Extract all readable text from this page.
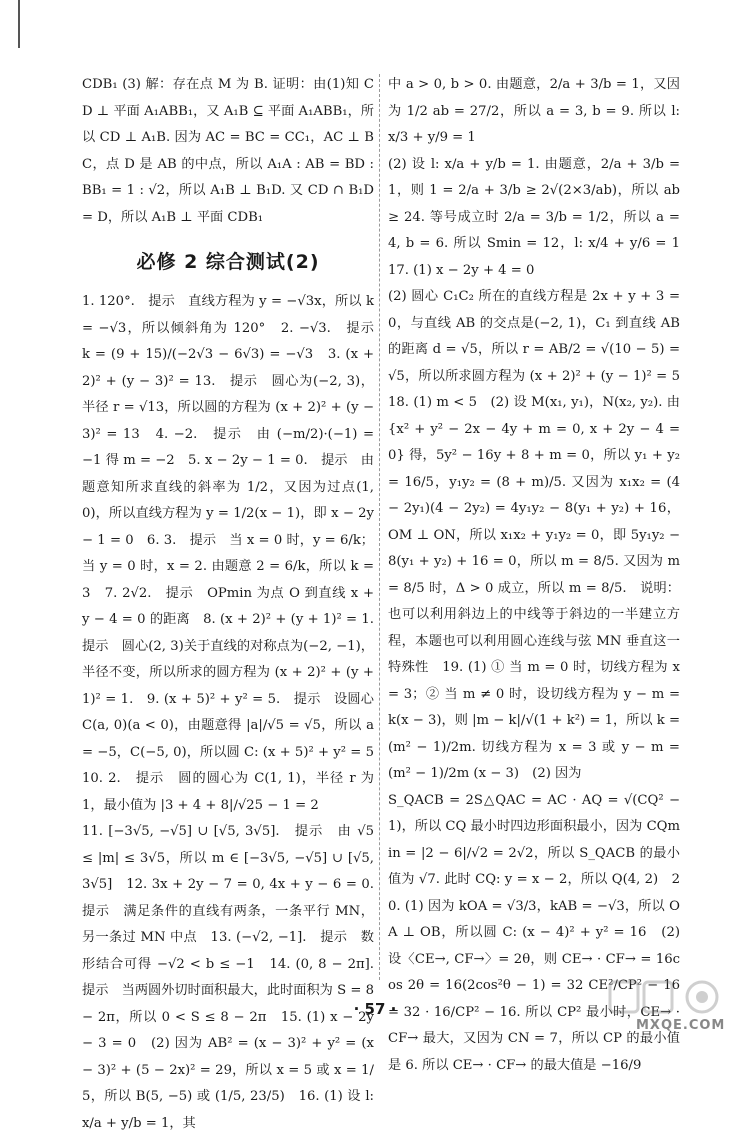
CDB₁ (3) 解：存在点 M 为 B. 证明：由(1)知 CD ⊥ 平面 A₁ABB₁，又 A₁B ⊆ 平面 A₁ABB₁，所以 CD ⊥ A₁B. 因为 AC = BC = CC₁，AC ⊥ BC，点 D 是 AB 的中点，所以 A₁A : AB = BD : BB₁ = 1 : √2，所以 A₁B ⊥ B₁D. 又 CD ∩ B₁D = D，所以 A₁B ⊥ 平面 CDB₁

必修 2 综合测试(2)

1. 120°.　提示　直线方程为 y = −√3x，所以 k = −√3，所以倾斜角为 120°　2. −√3.　提示　k = (9 + 15)/(−2√3 − 6√3) = −√3　3. (x + 2)² + (y − 3)² = 13.　提示　圆心为(−2, 3)，半径 r = √13，所以圆的方程为 (x + 2)² + (y − 3)² = 13　4. −2.　提示　由 (−m/2)·(−1) = −1 得 m = −2　5. x − 2y − 1 = 0.　提示　由题意知所求直线的斜率为 1/2，又因为过点(1, 0)，所以直线方程为 y = 1/2(x − 1)，即 x − 2y − 1 = 0　6. 3.　提示　当 x = 0 时，y = 6/k；当 y = 0 时，x = 2. 由题意 2 = 6/k，所以 k = 3　7. 2√2.　提示　OPmin 为点 O 到直线 x + y − 4 = 0 的距离　8. (x + 2)² + (y + 1)² = 1.　提示　圆心(2, 3)关于直线的对称点为(−2, −1)，半径不变，所以所求的圆方程为 (x + 2)² + (y + 1)² = 1.　9. (x + 5)² + y² = 5.　提示　设圆心 C(a, 0)(a < 0)，由题意得 |a|/√5 = √5，所以 a = −5，C(−5, 0)，所以圆 C: (x + 5)² + y² = 5　10. 2.　提示　圆的圆心为 C(1, 1)，半径 r 为 1，最小值为 |3 + 4 + 8|/√25 − 1 = 2

11. [−3√5, −√5] ∪ [√5, 3√5].　提示　由 √5 ≤ |m| ≤ 3√5，所以 m ∈ [−3√5, −√5] ∪ [√5, 3√5]　12. 3x + 2y − 7 = 0, 4x + y − 6 = 0.　提示　满足条件的直线有两条，一条平行 MN，另一条过 MN 中点　13. (−√2, −1].　提示　数形结合可得 −√2 < b ≤ −1　14. (0, 8 − 2π].　提示　当两圆外切时面积最大，此时面积为 S = 8 − 2π，所以 0 < S ≤ 8 − 2π　15. (1) x − 2y − 3 = 0　(2) 因为 AB² = (x − 3)² + y² = (x − 3)² + (5 − 2x)² = 29，所以 x = 5 或 x = 1/5，所以 B(5, −5) 或 (1/5, 23/5)　16. (1) 设 l: x/a + y/b = 1，其

中 a > 0, b > 0. 由题意，2/a + 3/b = 1，又因为 1/2 ab = 27/2，所以 a = 3, b = 9. 所以 l: x/3 + y/9 = 1

(2) 设 l: x/a + y/b = 1. 由题意，2/a + 3/b = 1，则 1 = 2/a + 3/b ≥ 2√(2×3/ab)，所以 ab ≥ 24. 等号成立时 2/a = 3/b = 1/2，所以 a = 4, b = 6. 所以 Smin = 12，l: x/4 + y/6 = 1　17. (1) x − 2y + 4 = 0

(2) 圆心 C₁C₂ 所在的直线方程是 2x + y + 3 = 0，与直线 AB 的交点是(−2, 1)，C₁ 到直线 AB 的距离 d = √5，所以 r = AB/2 = √(10 − 5) = √5，所以所求圆方程为 (x + 2)² + (y − 1)² = 5　18. (1) m < 5　(2) 设 M(x₁, y₁)，N(x₂, y₂). 由 {x² + y² − 2x − 4y + m = 0, x + 2y − 4 = 0} 得，5y² − 16y + 8 + m = 0，所以 y₁ + y₂ = 16/5，y₁y₂ = (8 + m)/5. 又因为 x₁x₂ = (4 − 2y₁)(4 − 2y₂) = 4y₁y₂ − 8(y₁ + y₂) + 16，OM ⊥ ON，所以 x₁x₂ + y₁y₂ = 0，即 5y₁y₂ − 8(y₁ + y₂) + 16 = 0，所以 m = 8/5. 又因为 m = 8/5 时，Δ > 0 成立，所以 m = 8/5.　说明：也可以利用斜边上的中线等于斜边的一半建立方程，本题也可以利用圆心连线与弦 MN 垂直这一特殊性　19. (1) ① 当 m = 0 时，切线方程为 x = 3；② 当 m ≠ 0 时，设切线方程为 y − m = k(x − 3)，则 |m − k|/√(1 + k²) = 1，所以 k = (m² − 1)/2m. 切线方程为 x = 3 或 y − m = (m² − 1)/2m (x − 3)　(2) 因为

S_QACB = 2S△QAC = AC · AQ = √(CQ² − 1)，所以 CQ 最小时四边形面积最小，因为 CQmin = |2 − 6|/√2 = 2√2，所以 S_QACB 的最小值为 √7. 此时 CQ: y = x − 2，所以 Q(4, 2)　20. (1) 因为 kOA = √3/3，kAB = −√3，所以 OA ⊥ OB，所以圆 C: (x − 4)² + y² = 16　(2) 设〈CE→, CF→〉= 2θ，则 CE→ · CF→ = 16cos 2θ = 16(2cos²θ − 1) = 32 CE²/CP² − 16 = 32 · 16/CP² − 16. 所以 CP² 最小时，CE→ · CF→ 最大，又因为 CN = 7，所以 CP 的最小值是 6. 所以 CE→ · CF→ 的最大值是 −16/9

· 57 ·
MXQE.COM
